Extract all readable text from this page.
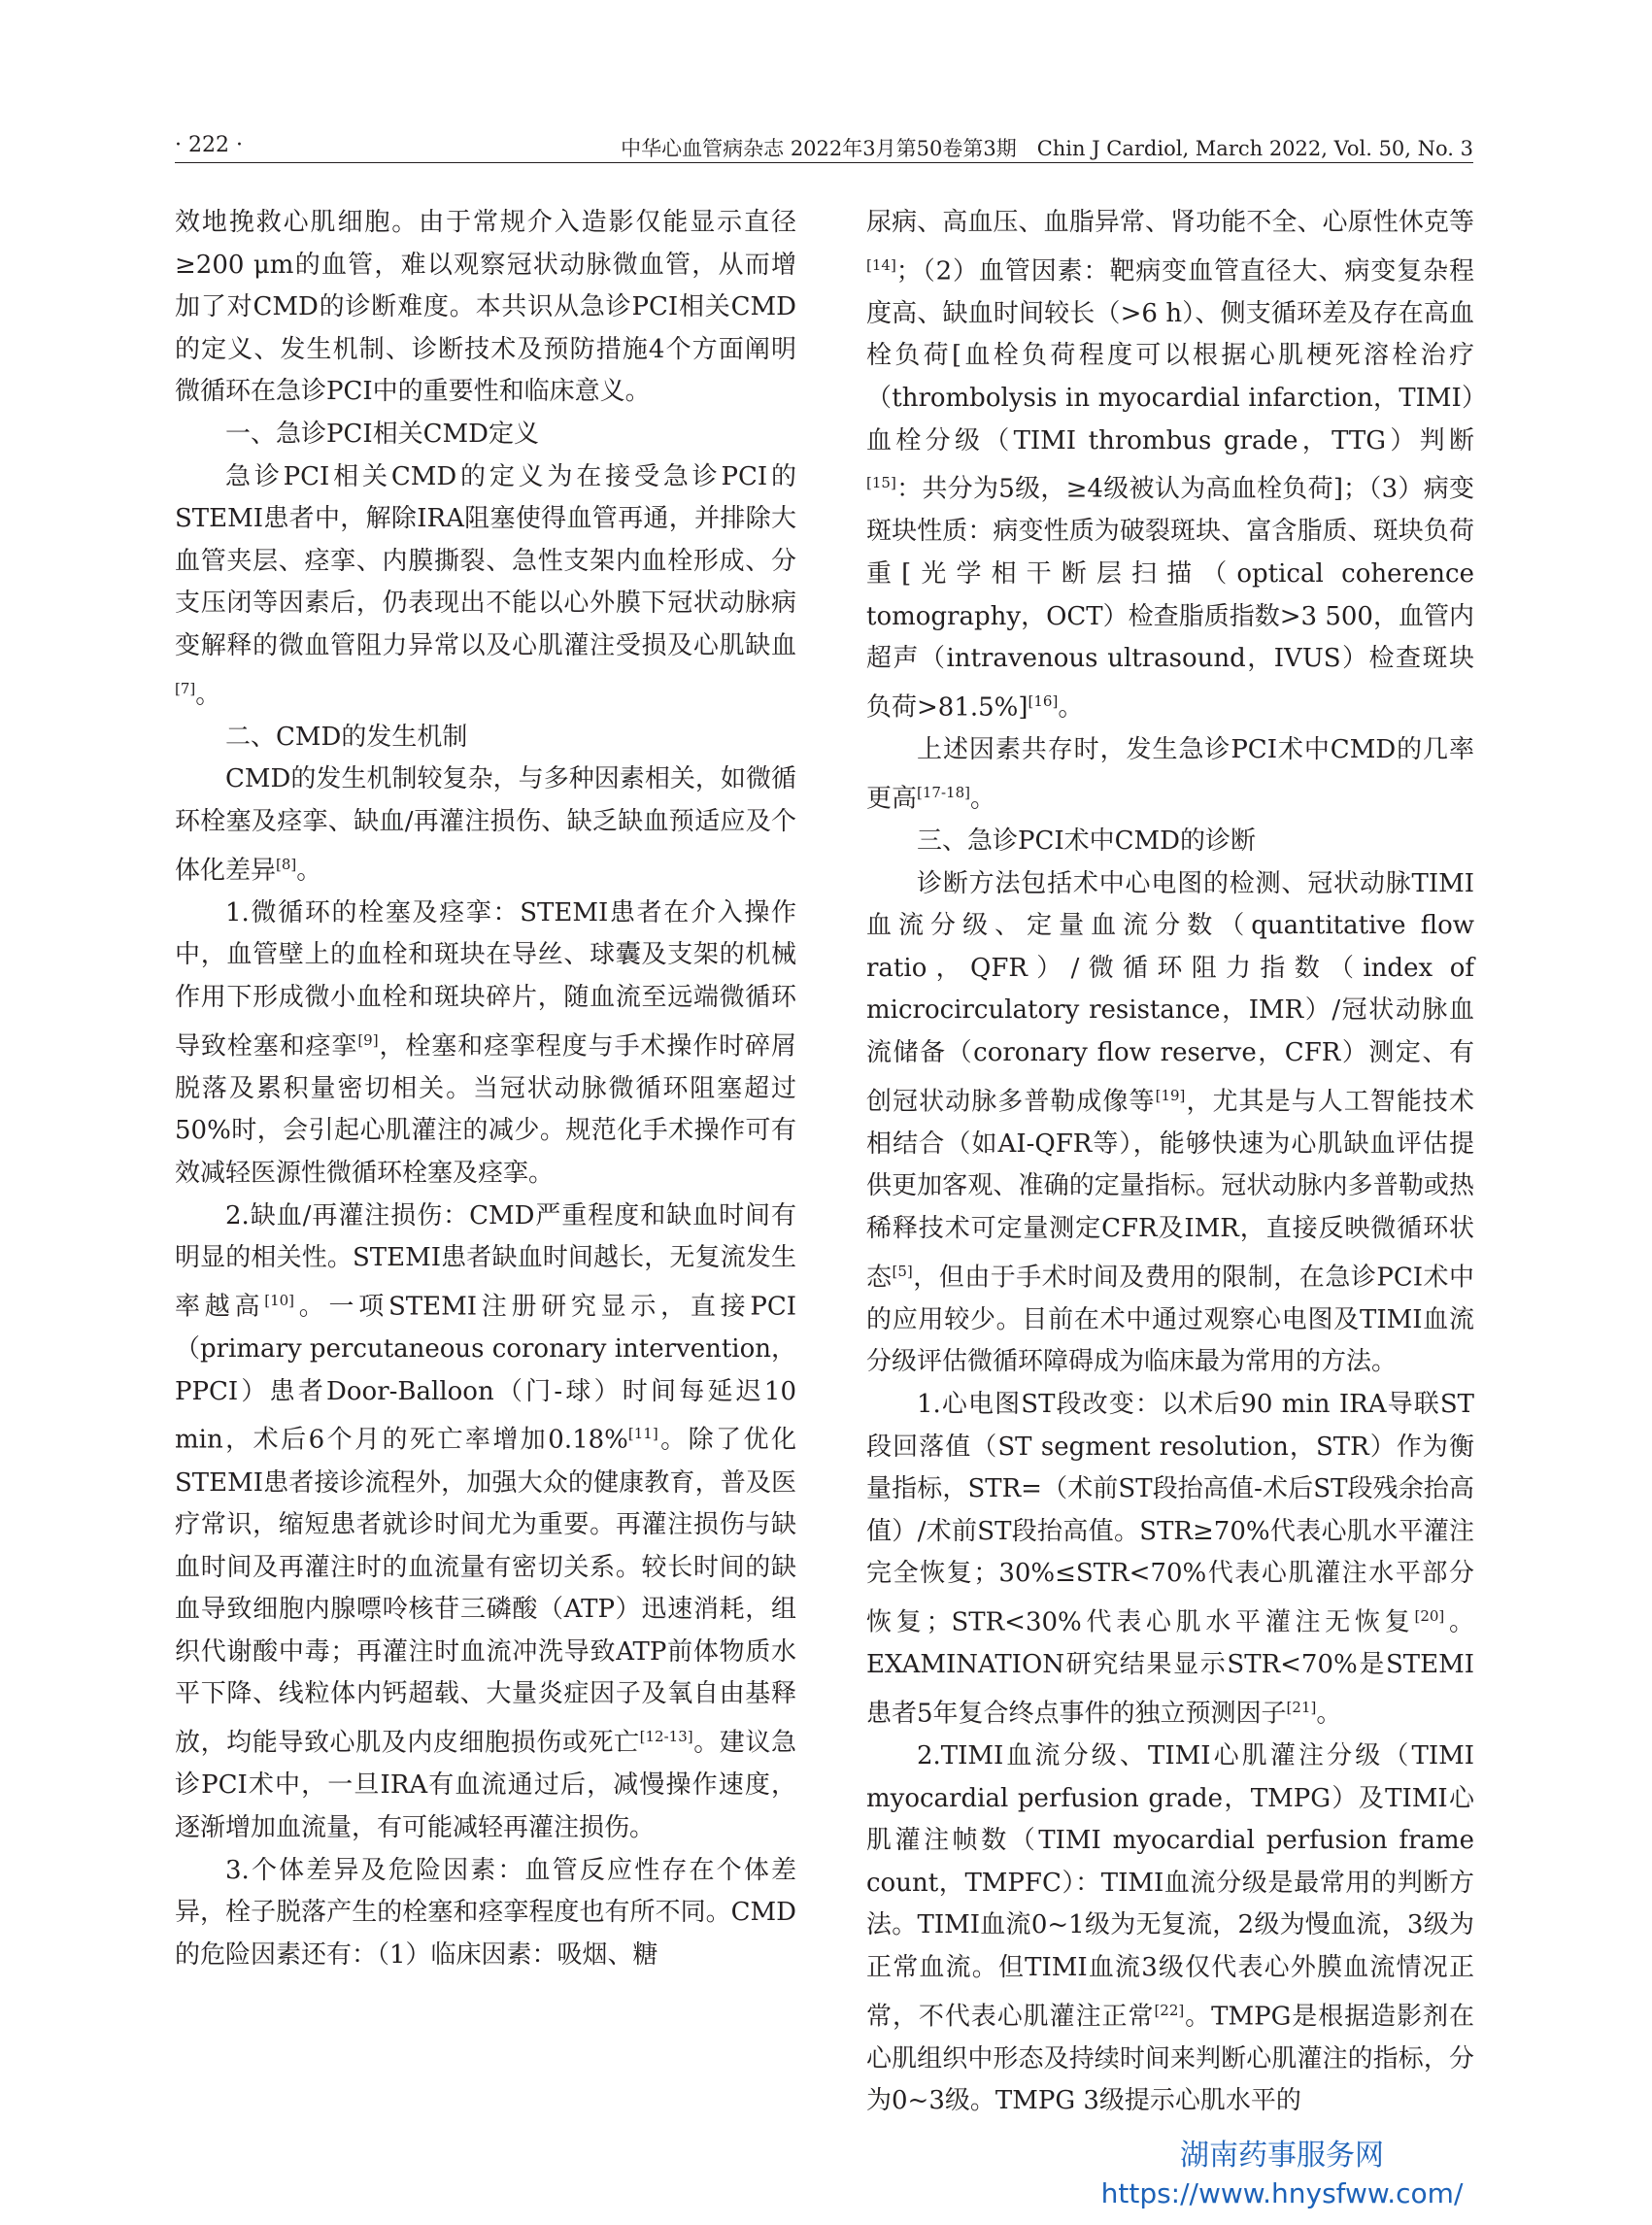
· 222 ·	中华心血管病杂志 2022年3月第50卷第3期　Chin J Cardiol, March 2022, Vol. 50, No. 3

效地挽救心肌细胞。由于常规介入造影仅能显示直径≥200 μm的血管，难以观察冠状动脉微血管，从而增加了对CMD的诊断难度。本共识从急诊PCI相关CMD的定义、发生机制、诊断技术及预防措施4个方面阐明微循环在急诊PCI中的重要性和临床意义。

一、急诊PCI相关CMD定义

急诊PCI相关CMD的定义为在接受急诊PCI的STEMI患者中，解除IRA阻塞使得血管再通，并排除大血管夹层、痉挛、内膜撕裂、急性支架内血栓形成、分支压闭等因素后，仍表现出不能以心外膜下冠状动脉病变解释的微血管阻力异常以及心肌灌注受损及心肌缺血[7]。

二、CMD的发生机制

CMD的发生机制较复杂，与多种因素相关，如微循环栓塞及痉挛、缺血/再灌注损伤、缺乏缺血预适应及个体化差异[8]。

1.微循环的栓塞及痉挛：STEMI患者在介入操作中，血管壁上的血栓和斑块在导丝、球囊及支架的机械作用下形成微小血栓和斑块碎片，随血流至远端微循环导致栓塞和痉挛[9]，栓塞和痉挛程度与手术操作时碎屑脱落及累积量密切相关。当冠状动脉微循环阻塞超过50%时，会引起心肌灌注的减少。规范化手术操作可有效减轻医源性微循环栓塞及痉挛。

2.缺血/再灌注损伤：CMD严重程度和缺血时间有明显的相关性。STEMI患者缺血时间越长，无复流发生率越高[10]。一项STEMI注册研究显示，直接PCI（primary percutaneous coronary intervention，PPCI）患者Door-Balloon（门-球）时间每延迟10 min，术后6个月的死亡率增加0.18%[11]。除了优化STEMI患者接诊流程外，加强大众的健康教育，普及医疗常识，缩短患者就诊时间尤为重要。再灌注损伤与缺血时间及再灌注时的血流量有密切关系。较长时间的缺血导致细胞内腺嘌呤核苷三磷酸（ATP）迅速消耗，组织代谢酸中毒；再灌注时血流冲洗导致ATP前体物质水平下降、线粒体内钙超载、大量炎症因子及氧自由基释放，均能导致心肌及内皮细胞损伤或死亡[12-13]。建议急诊PCI术中，一旦IRA有血流通过后，减慢操作速度，逐渐增加血流量，有可能减轻再灌注损伤。

3.个体差异及危险因素：血管反应性存在个体差异，栓子脱落产生的栓塞和痉挛程度也有所不同。CMD的危险因素还有：（1）临床因素：吸烟、糖

尿病、高血压、血脂异常、肾功能不全、心原性休克等[14]；（2）血管因素：靶病变血管直径大、病变复杂程度高、缺血时间较长（>6 h）、侧支循环差及存在高血栓负荷[血栓负荷程度可以根据心肌梗死溶栓治疗（thrombolysis in myocardial infarction，TIMI）血栓分级（TIMI thrombus grade，TTG）判断[15]：共分为5级，≥4级被认为高血栓负荷]；（3）病变斑块性质：病变性质为破裂斑块、富含脂质、斑块负荷重[光学相干断层扫描（optical coherence tomography，OCT）检查脂质指数>3 500，血管内超声（intravenous ultrasound，IVUS）检查斑块负荷>81.5%][16]。

上述因素共存时，发生急诊PCI术中CMD的几率更高[17-18]。

三、急诊PCI术中CMD的诊断

诊断方法包括术中心电图的检测、冠状动脉TIMI血流分级、定量血流分数（quantitative flow ratio，QFR）/微循环阻力指数（index of microcirculatory resistance，IMR）/冠状动脉血流储备（coronary flow reserve，CFR）测定、有创冠状动脉多普勒成像等[19]，尤其是与人工智能技术相结合（如AI-QFR等），能够快速为心肌缺血评估提供更加客观、准确的定量指标。冠状动脉内多普勒或热稀释技术可定量测定CFR及IMR，直接反映微循环状态[5]，但由于手术时间及费用的限制，在急诊PCI术中的应用较少。目前在术中通过观察心电图及TIMI血流分级评估微循环障碍成为临床最为常用的方法。

1.心电图ST段改变：以术后90 min IRA导联ST段回落值（ST segment resolution，STR）作为衡量指标，STR=（术前ST段抬高值-术后ST段残余抬高值）/术前ST段抬高值。STR≥70%代表心肌水平灌注完全恢复；30%≤STR<70%代表心肌灌注水平部分恢复；STR<30%代表心肌水平灌注无恢复[20]。EXAMINATION研究结果显示STR<70%是STEMI患者5年复合终点事件的独立预测因子[21]。

2.TIMI血流分级、TIMI心肌灌注分级（TIMI myocardial perfusion grade，TMPG）及TIMI心肌灌注帧数（TIMI myocardial perfusion frame count，TMPFC）：TIMI血流分级是最常用的判断方法。TIMI血流0~1级为无复流，2级为慢血流，3级为正常血流。但TIMI血流3级仅代表心外膜血流情况正常，不代表心肌灌注正常[22]。TMPG是根据造影剂在心肌组织中形态及持续时间来判断心肌灌注的指标，分为0~3级。TMPG 3级提示心肌水平的

湖南药事服务网
https://www.hnysfww.com/
